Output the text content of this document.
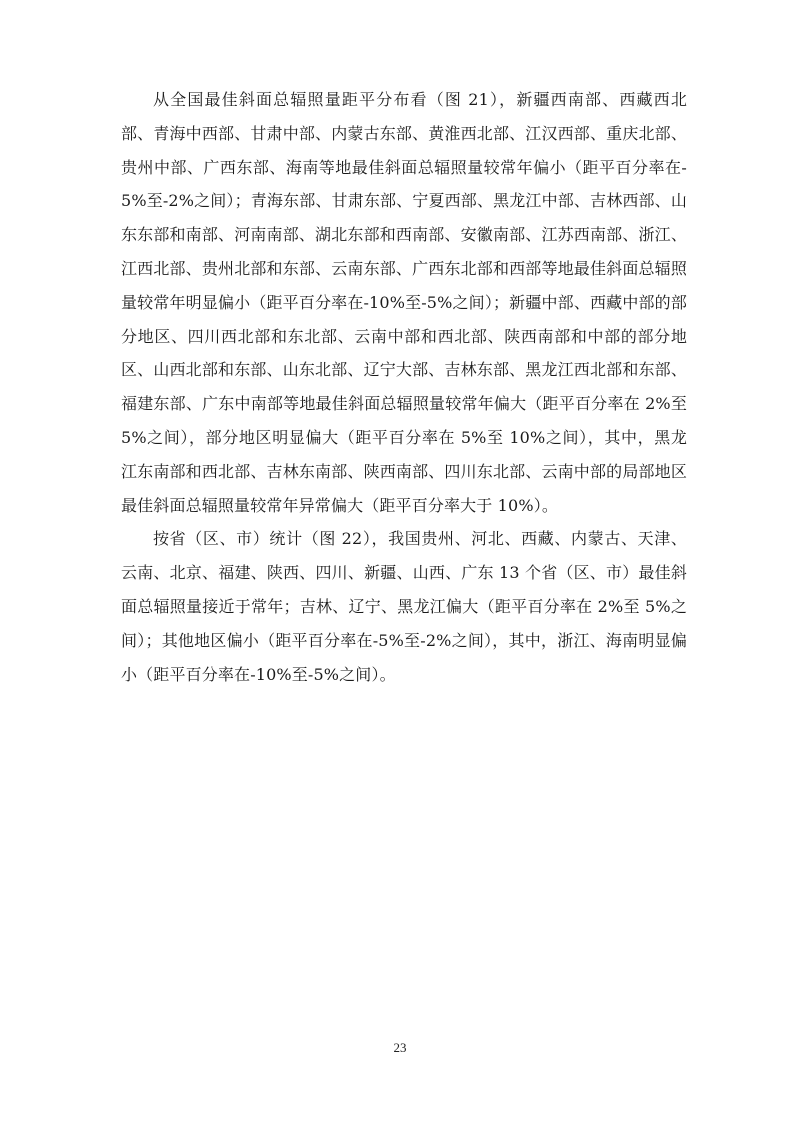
从全国最佳斜面总辐照量距平分布看（图 21），新疆西南部、西藏西北部、青海中西部、甘肃中部、内蒙古东部、黄淮西北部、江汉西部、重庆北部、贵州中部、广西东部、海南等地最佳斜面总辐照量较常年偏小（距平百分率在-5%至-2%之间）；青海东部、甘肃东部、宁夏西部、黑龙江中部、吉林西部、山东东部和南部、河南南部、湖北东部和西南部、安徽南部、江苏西南部、浙江、江西北部、贵州北部和东部、云南东部、广西东北部和西部等地最佳斜面总辐照量较常年明显偏小（距平百分率在-10%至-5%之间）；新疆中部、西藏中部的部分地区、四川西北部和东北部、云南中部和西北部、陕西南部和中部的部分地区、山西北部和东部、山东北部、辽宁大部、吉林东部、黑龙江西北部和东部、福建东部、广东中南部等地最佳斜面总辐照量较常年偏大（距平百分率在 2%至 5%之间），部分地区明显偏大（距平百分率在 5%至 10%之间），其中，黑龙江东南部和西北部、吉林东南部、陕西南部、四川东北部、云南中部的局部地区最佳斜面总辐照量较常年异常偏大（距平百分率大于 10%）。

按省（区、市）统计（图 22），我国贵州、河北、西藏、内蒙古、天津、云南、北京、福建、陕西、四川、新疆、山西、广东 13 个省（区、市）最佳斜面总辐照量接近于常年；吉林、辽宁、黑龙江偏大（距平百分率在 2%至 5%之间）；其他地区偏小（距平百分率在-5%至-2%之间），其中，浙江、海南明显偏小（距平百分率在-10%至-5%之间）。

23
